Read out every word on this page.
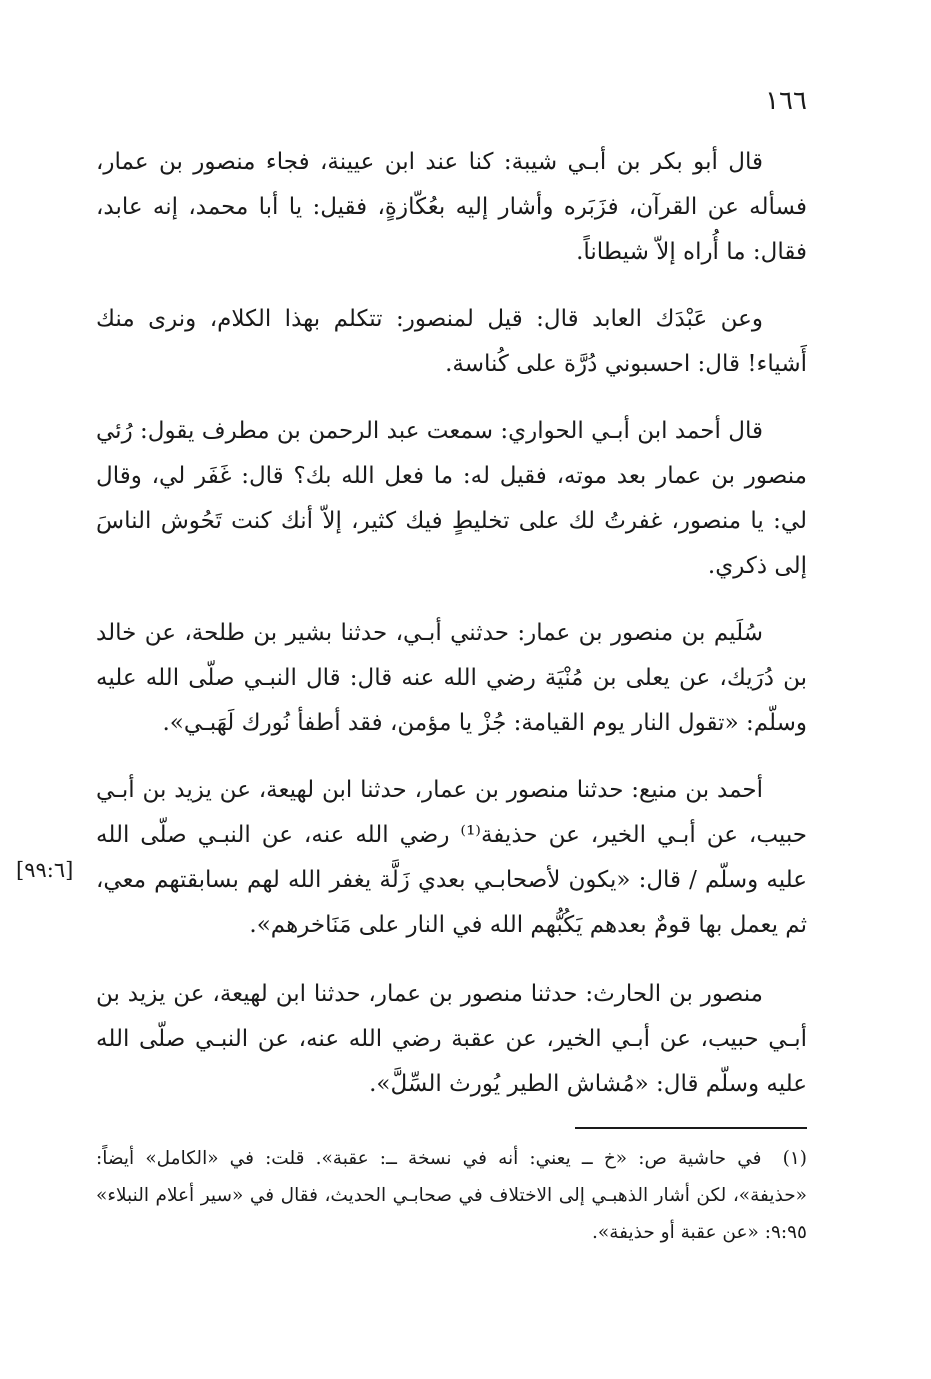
١٦٦

قال أبو بكر بن أبـي شيبة: كنا عند ابن عيينة، فجاء منصور بن عمار، فسأله عن القرآن، فزَبَره وأشار إليه بعُكّازةٍ، فقيل: يا أبا محمد، إنه عابد، فقال: ما أُراه إلاّ شيطاناً.

وعن عَبْدَك العابد قال: قيل لمنصور: تتكلم بهذا الكلام، ونرى منك أَشياء! قال: احسبوني دُرَّة على كُناسة.

قال أحمد ابن أبـي الحواري: سمعت عبد الرحمن بن مطرف يقول: رُئي منصور بن عمار بعد موته، فقيل له: ما فعل الله بك؟ قال: غَفَر لي، وقال لي: يا منصور، غفرتُ لك على تخليطٍ فيك كثير، إلاّ أنك كنت تَحُوش الناسَ إلى ذكري.

سُلَيم بن منصور بن عمار: حدثني أبـي، حدثنا بشير بن طلحة، عن خالد بن دُرَيك، عن يعلى بن مُنْيَة رضي الله عنه قال: قال النبـي صلّى الله عليه وسلّم: «تقول النار يوم القيامة: جُزْ يا مؤمن، فقد أطفأ نُورك لَهَبـي».

أحمد بن منيع: حدثنا منصور بن عمار، حدثنا ابن لهيعة، عن يزيد بن أبـي حبيب، عن أبـي الخير، عن حذيفة⁽¹⁾ رضي الله عنه، عن النبـي صلّى الله عليه وسلّم / قال: «يكون لأصحابـي بعدي زَلَّة يغفر الله لهم بسابقتهم معي، ثم يعمل بها قومٌ بعدهم يَكُبُّهم الله في النار على مَنَاخرهم».

منصور بن الحارث: حدثنا منصور بن عمار، حدثنا ابن لهيعة، عن يزيد بن أبـي حبيب، عن أبـي الخير، عن عقبة رضي الله عنه، عن النبـي صلّى الله عليه وسلّم قال: «مُشاش الطير يُورث السِّلَّ».

[٩٩:٦]

(١) في حاشية ص: «خ ــ يعني: أنه في نسخة ــ: عقبة». قلت: في «الكامل» أيضاً: «حذيفة»، لكن أشار الذهبـي إلى الاختلاف في صحابـي الحديث، فقال في «سير أعلام النبلاء» ٩:٩٥: «عن عقبة أو حذيفة».
